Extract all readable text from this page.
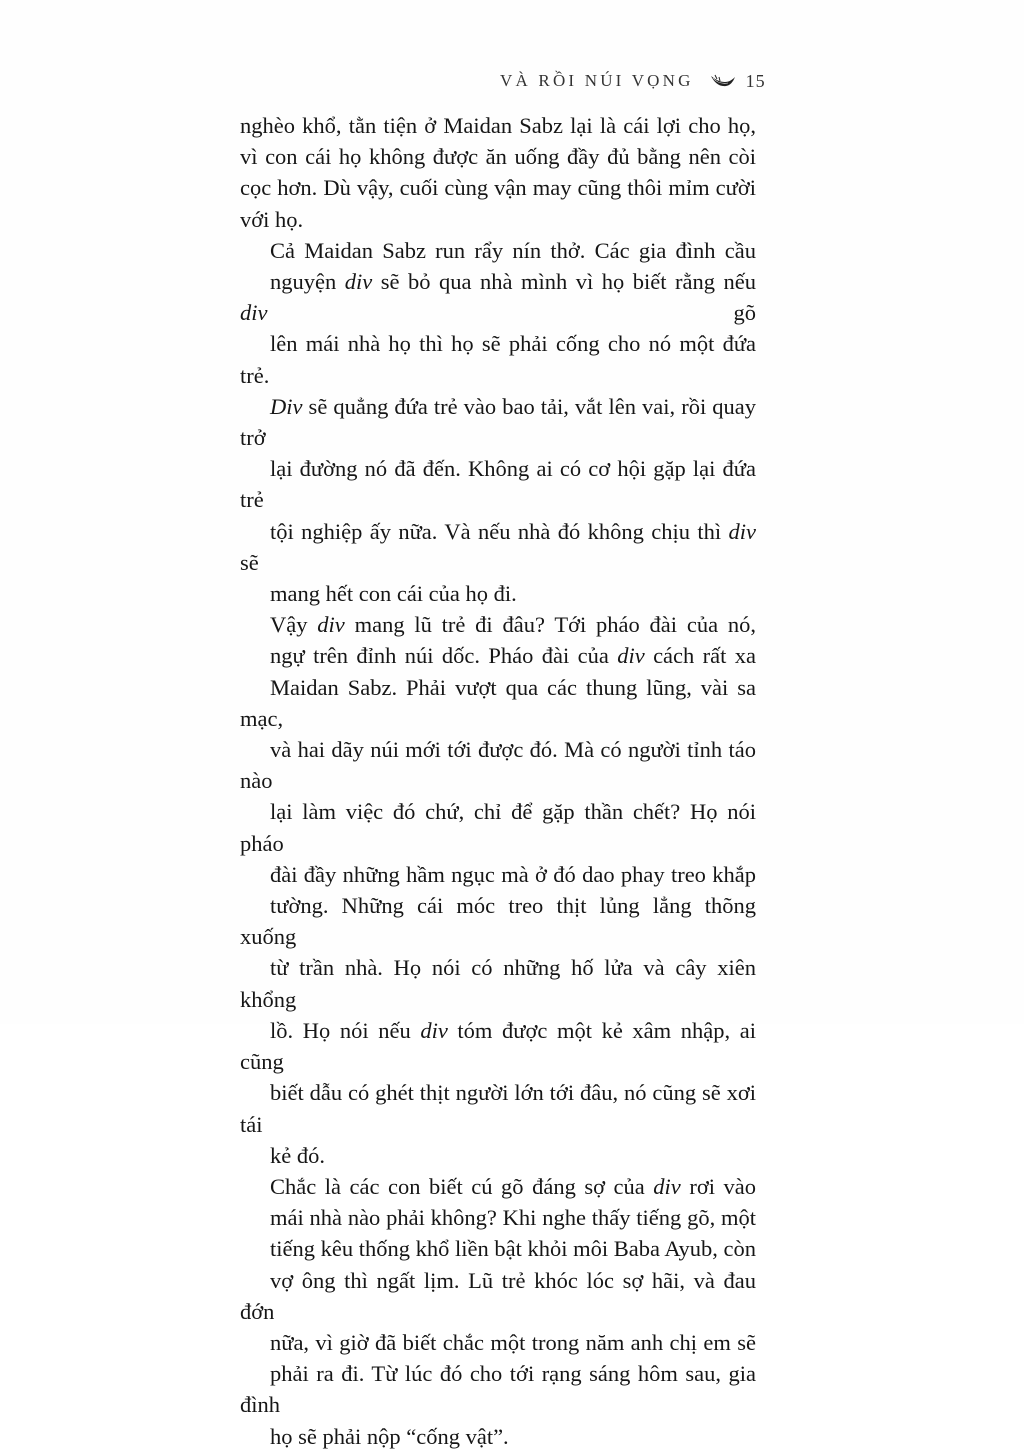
VÀ RỒI NÚI VỌNG	15
nghèo khổ, tằn tiện ở Maidan Sabz lại là cái lợi cho họ,
vì con cái họ không được ăn uống đầy đủ bằng nên còi
cọc hơn. Dù vậy, cuối cùng vận may cũng thôi mỉm cười
với họ.
Cả Maidan Sabz run rẩy nín thở. Các gia đình cầu
nguyện div sẽ bỏ qua nhà mình vì họ biết rằng nếu div gõ
lên mái nhà họ thì họ sẽ phải cống cho nó một đứa trẻ.
Div sẽ quẳng đứa trẻ vào bao tải, vắt lên vai, rồi quay trở
lại đường nó đã đến. Không ai có cơ hội gặp lại đứa trẻ
tội nghiệp ấy nữa. Và nếu nhà đó không chịu thì div sẽ
mang hết con cái của họ đi.
Vậy div mang lũ trẻ đi đâu? Tới pháo đài của nó,
ngự trên đỉnh núi dốc. Pháo đài của div cách rất xa
Maidan Sabz. Phải vượt qua các thung lũng, vài sa mạc,
và hai dãy núi mới tới được đó. Mà có người tỉnh táo nào
lại làm việc đó chứ, chỉ để gặp thần chết? Họ nói pháo
đài đầy những hầm ngục mà ở đó dao phay treo khắp
tường. Những cái móc treo thịt lủng lẳng thõng xuống
từ trần nhà. Họ nói có những hố lửa và cây xiên khổng
lồ. Họ nói nếu div tóm được một kẻ xâm nhập, ai cũng
biết dẫu có ghét thịt người lớn tới đâu, nó cũng sẽ xơi tái
kẻ đó.
Chắc là các con biết cú gõ đáng sợ của div rơi vào
mái nhà nào phải không? Khi nghe thấy tiếng gõ, một
tiếng kêu thống khổ liền bật khỏi môi Baba Ayub, còn
vợ ông thì ngất lịm. Lũ trẻ khóc lóc sợ hãi, và đau đớn
nữa, vì giờ đã biết chắc một trong năm anh chị em sẽ
phải ra đi. Từ lúc đó cho tới rạng sáng hôm sau, gia đình
họ sẽ phải nộp “cống vật”.
